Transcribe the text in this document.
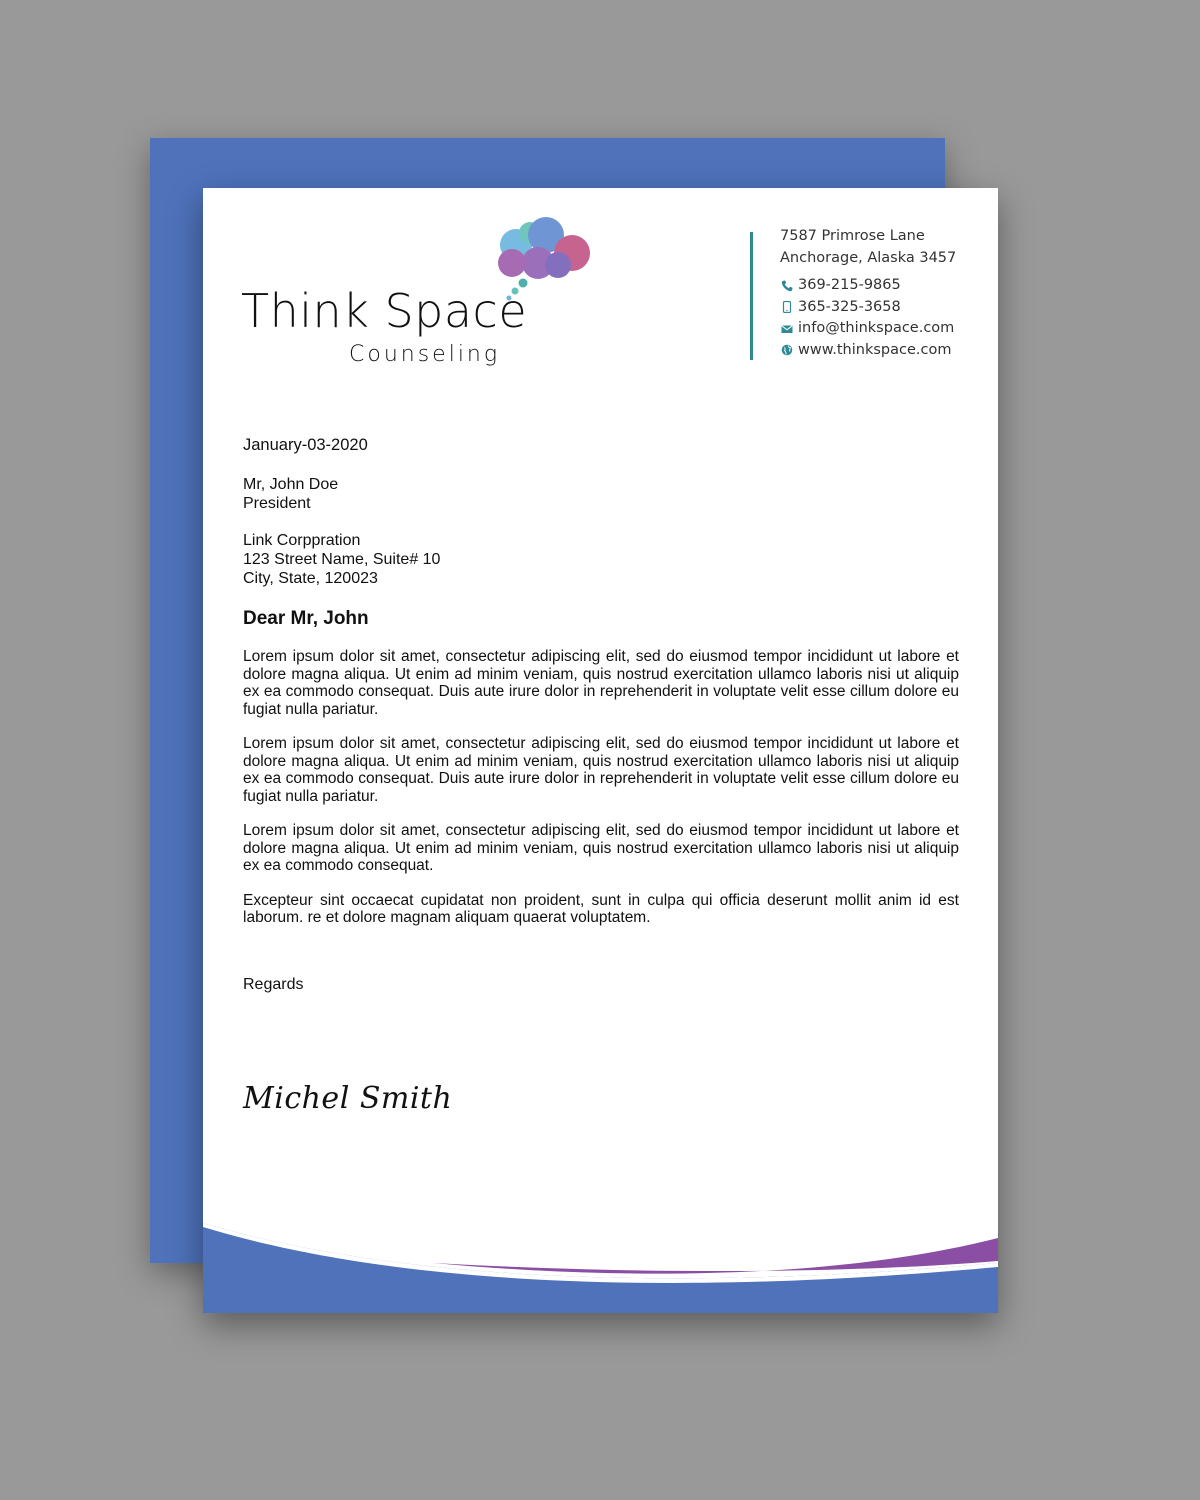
Think Space
Counseling
7587 Primrose Lane
Anchorage, Alaska 3457
369-215-9865
365-325-3658
info@thinkspace.com
www.thinkspace.com
January-03-2020
Mr, John Doe
President
Link Corppration
123 Street Name, Suite# 10
City, State, 120023
Dear Mr, John

Lorem ipsum dolor sit amet, consectetur adipiscing elit, sed do eiusmod tempor incididunt ut labore et dolore magna aliqua. Ut enim ad minim veniam, quis nostrud exercitation ullamco laboris nisi ut aliquip ex ea commodo consequat. Duis aute irure dolor in reprehenderit in voluptate velit esse cillum dolore eu fugiat nulla pariatur.

Lorem ipsum dolor sit amet, consectetur adipiscing elit, sed do eiusmod tempor incididunt ut labore et dolore magna aliqua. Ut enim ad minim veniam, quis nostrud exercitation ullamco laboris nisi ut aliquip ex ea commodo consequat. Duis aute irure dolor in reprehenderit in voluptate velit esse cillum dolore eu fugiat nulla pariatur.

Lorem ipsum dolor sit amet, consectetur adipiscing elit, sed do eiusmod tempor incididunt ut labore et dolore magna aliqua. Ut enim ad minim veniam, quis nostrud exercitation ullamco laboris nisi ut aliquip ex ea commodo consequat.

Excepteur sint occaecat cupidatat non proident, sunt in culpa qui officia deserunt mollit anim id est laborum. re et dolore magnam aliquam quaerat voluptatem.

Regards
Michel Smith
